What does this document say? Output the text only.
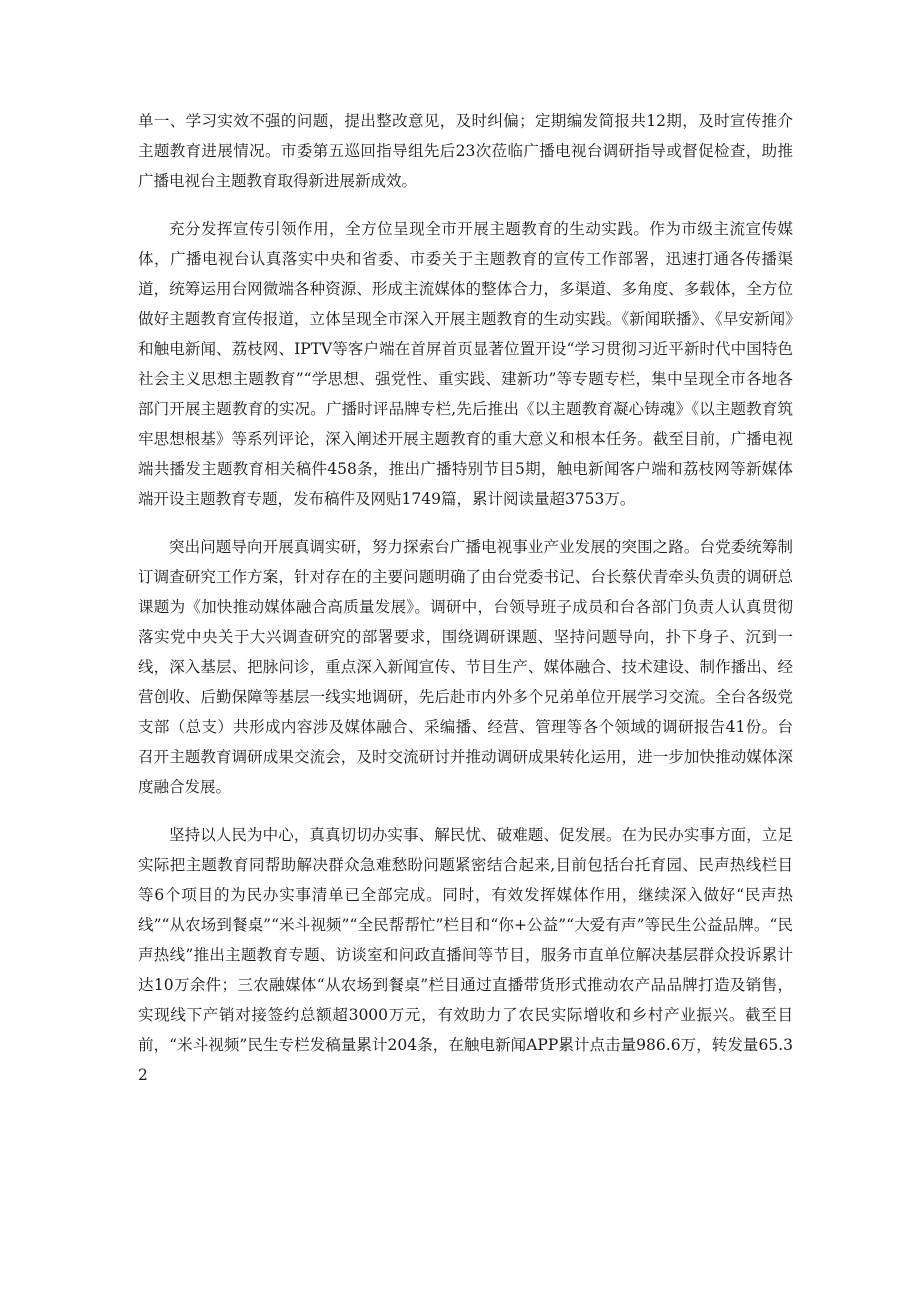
单一、学习实效不强的问题，提出整改意见，及时纠偏；定期编发简报共12期，及时宣传推介主题教育进展情况。市委第五巡回指导组先后23次莅临广播电视台调研指导或督促检查，助推广播电视台主题教育取得新进展新成效。

充分发挥宣传引领作用，全方位呈现全市开展主题教育的生动实践。作为市级主流宣传媒体，广播电视台认真落实中央和省委、市委关于主题教育的宣传工作部署，迅速打通各传播渠道，统筹运用台网微端各种资源、形成主流媒体的整体合力，多渠道、多角度、多载体，全方位做好主题教育宣传报道，立体呈现全市深入开展主题教育的生动实践。《新闻联播》、《早安新闻》和触电新闻、荔枝网、IPTV等客户端在首屏首页显著位置开设“学习贯彻习近平新时代中国特色社会主义思想主题教育”“学思想、强党性、重实践、建新功”等专题专栏，集中呈现全市各地各部门开展主题教育的实况。广播时评品牌专栏,先后推出《以主题教育凝心铸魂》《以主题教育筑牢思想根基》等系列评论，深入阐述开展主题教育的重大意义和根本任务。截至目前，广播电视端共播发主题教育相关稿件458条，推出广播特别节目5期，触电新闻客户端和荔枝网等新媒体端开设主题教育专题，发布稿件及网贴1749篇，累计阅读量超3753万。

突出问题导向开展真调实研，努力探索台广播电视事业产业发展的突围之路。台党委统筹制订调查研究工作方案，针对存在的主要问题明确了由台党委书记、台长蔡伏青牵头负责的调研总课题为《加快推动媒体融合高质量发展》。调研中，台领导班子成员和台各部门负责人认真贯彻落实党中央关于大兴调查研究的部署要求，围绕调研课题、坚持问题导向，扑下身子、沉到一线，深入基层、把脉问诊，重点深入新闻宣传、节目生产、媒体融合、技术建设、制作播出、经营创收、后勤保障等基层一线实地调研，先后赴市内外多个兄弟单位开展学习交流。全台各级党支部（总支）共形成内容涉及媒体融合、采编播、经营、管理等各个领域的调研报告41份。台召开主题教育调研成果交流会，及时交流研讨并推动调研成果转化运用，进一步加快推动媒体深度融合发展。

坚持以人民为中心，真真切切办实事、解民忧、破难题、促发展。在为民办实事方面，立足实际把主题教育同帮助解决群众急难愁盼问题紧密结合起来,目前包括台托育园、民声热线栏目等6个项目的为民办实事清单已全部完成。同时，有效发挥媒体作用，继续深入做好“民声热线”“从农场到餐桌”“米斗视频”“全民帮帮忙”栏目和“你+公益”“大爱有声”等民生公益品牌。“民声热线”推出主题教育专题、访谈室和问政直播间等节目，服务市直单位解决基层群众投诉累计达10万余件；三农融媒体“从农场到餐桌”栏目通过直播带货形式推动农产品品牌打造及销售，实现线下产销对接签约总额超3000万元，有效助力了农民实际增收和乡村产业振兴。截至目前，“米斗视频”民生专栏发稿量累计204条，在触电新闻APP累计点击量986.6万，转发量65.32
